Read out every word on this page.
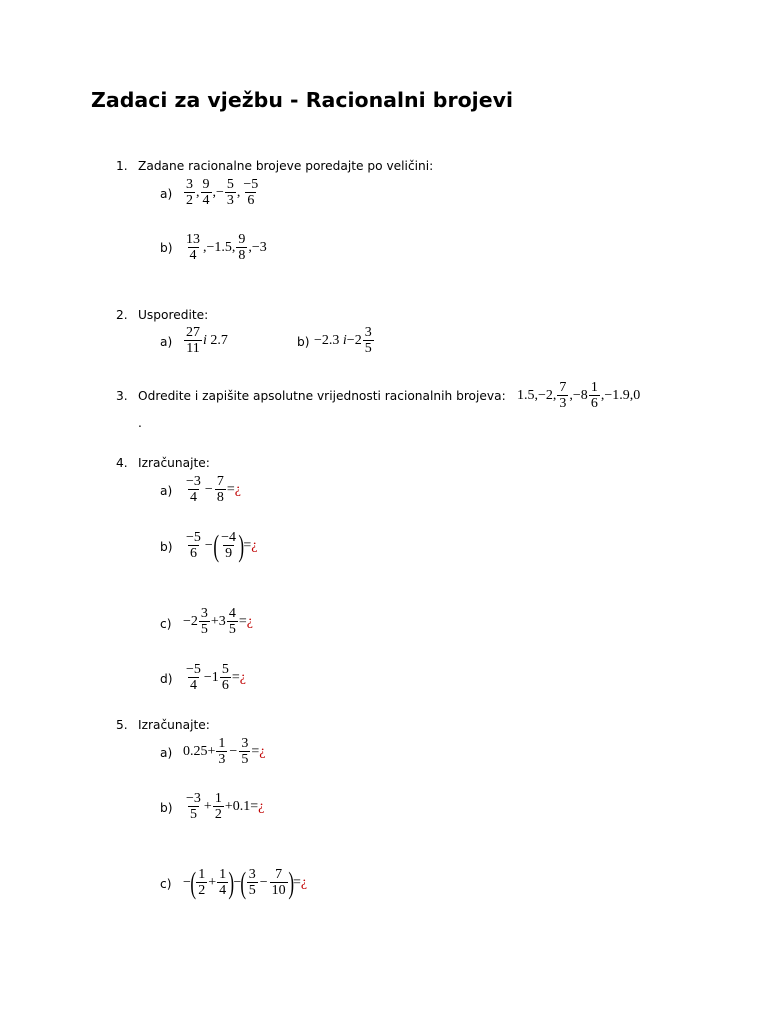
Zadaci za vježbu - Racionalni brojevi
1. Zadane racionalne brojeve poredajte po veličini:
$a) \frac{3}{2}$ , $\frac{9}{4}$ ,− $\frac{5}{3}$ , $\frac{-5}{6}$
$b) \frac{13}{4} ,-1.5$, $\frac{9}{8} ,-3$
2. Usporedite:
$a) \frac{27}{11}$ i
2.7	b) −2.3
$i -2 \frac{3}{5}$
3. Odredite i zapišite apsolutne vrijednosti racionalnih brojeva: 1.5,−2, $\frac{7}{3} ,-8 \frac{1}{6} ,-1.9,0$
.
4. Izračunajte:
$a) \frac{-3}{4} - \frac{7}{8}$ = ¿
$b) \frac{-5}{6}$ − ( $\frac{-4}{9}$ ) = ¿
$c) -2 \frac{3}{5} +3 \frac{4}{5}$ = ¿
$d) \frac{-5}{4} -1 \frac{5}{6}$ = ¿
5. Izračunajte:
a) $0.25+ \frac{1}{3} - \frac{3}{5}$ = ¿
$b) \frac{-3}{5} + \frac{1}{2} +0.1=$ ¿
c) − ( $\frac{1}{2} + \frac{1}{4}$ ) − ( $\frac{3}{5} - \frac{7}{10}$ ) = ¿
